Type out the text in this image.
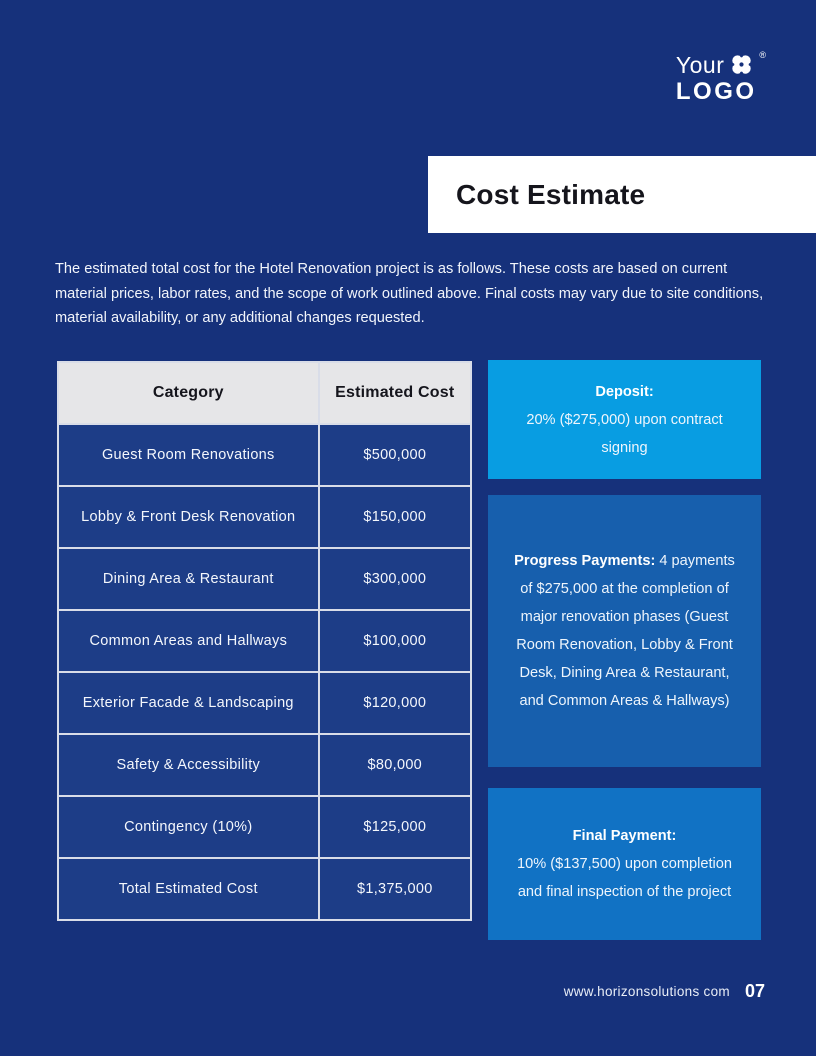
Your	®
LOGO
Cost Estimate

The estimated total cost for the Hotel Renovation project is as follows. These costs are based on current material prices, labor rates, and the scope of work outlined above. Final costs may vary due to site conditions, material availability, or any additional changes requested.

Category	Estimated Cost
Guest Room Renovations	$500,000
Lobby & Front Desk Renovation	$150,000
Dining Area & Restaurant	$300,000
Common Areas and Hallways	$100,000
Exterior Facade & Landscaping	$120,000
Safety & Accessibility	$80,000
Contingency (10%)	$125,000
Total Estimated Cost	$1,375,000
Deposit:
20% ($275,000) upon contract signing
Progress Payments: 4 payments of $275,000 at the completion of major renovation phases (Guest Room Renovation, Lobby & Front Desk, Dining Area & Restaurant, and Common Areas & Hallways)
Final Payment:
10% ($137,500) upon completion and final inspection of the project
www.horizonsolutions com 07
